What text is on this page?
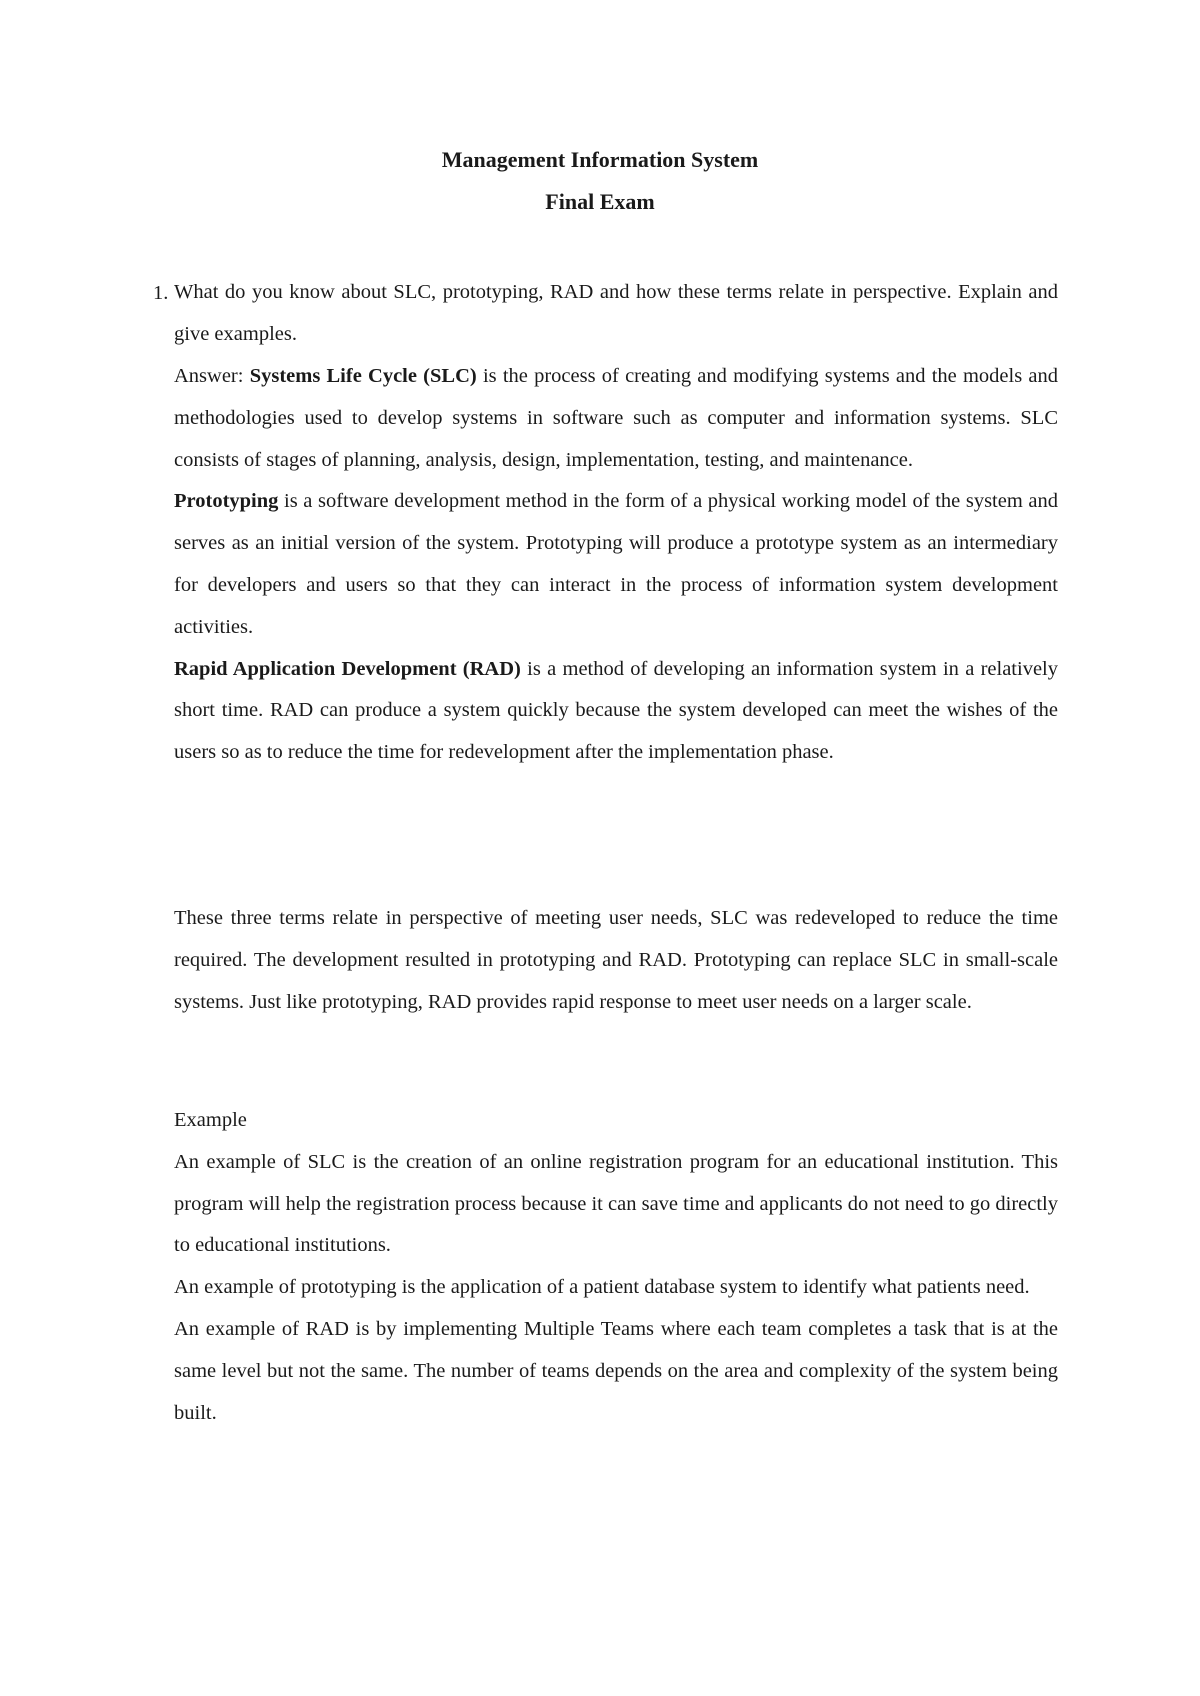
Management Information System
Final Exam
1. What do you know about SLC, prototyping, RAD and how these terms relate in perspective. Explain and give examples.

Answer: Systems Life Cycle (SLC) is the process of creating and modifying systems and the models and methodologies used to develop systems in software such as computer and information systems. SLC consists of stages of planning, analysis, design, implementation, testing, and maintenance.

Prototyping is a software development method in the form of a physical working model of the system and serves as an initial version of the system. Prototyping will produce a prototype system as an intermediary for developers and users so that they can interact in the process of information system development activities.

Rapid Application Development (RAD) is a method of developing an information system in a relatively short time. RAD can produce a system quickly because the system developed can meet the wishes of the users so as to reduce the time for redevelopment after the implementation phase.

These three terms relate in perspective of meeting user needs, SLC was redeveloped to reduce the time required. The development resulted in prototyping and RAD. Prototyping can replace SLC in small-scale systems. Just like prototyping, RAD provides rapid response to meet user needs on a larger scale.

Example

An example of SLC is the creation of an online registration program for an educational institution. This program will help the registration process because it can save time and applicants do not need to go directly to educational institutions.

An example of prototyping is the application of a patient database system to identify what patients need.

An example of RAD is by implementing Multiple Teams where each team completes a task that is at the same level but not the same. The number of teams depends on the area and complexity of the system being built.
